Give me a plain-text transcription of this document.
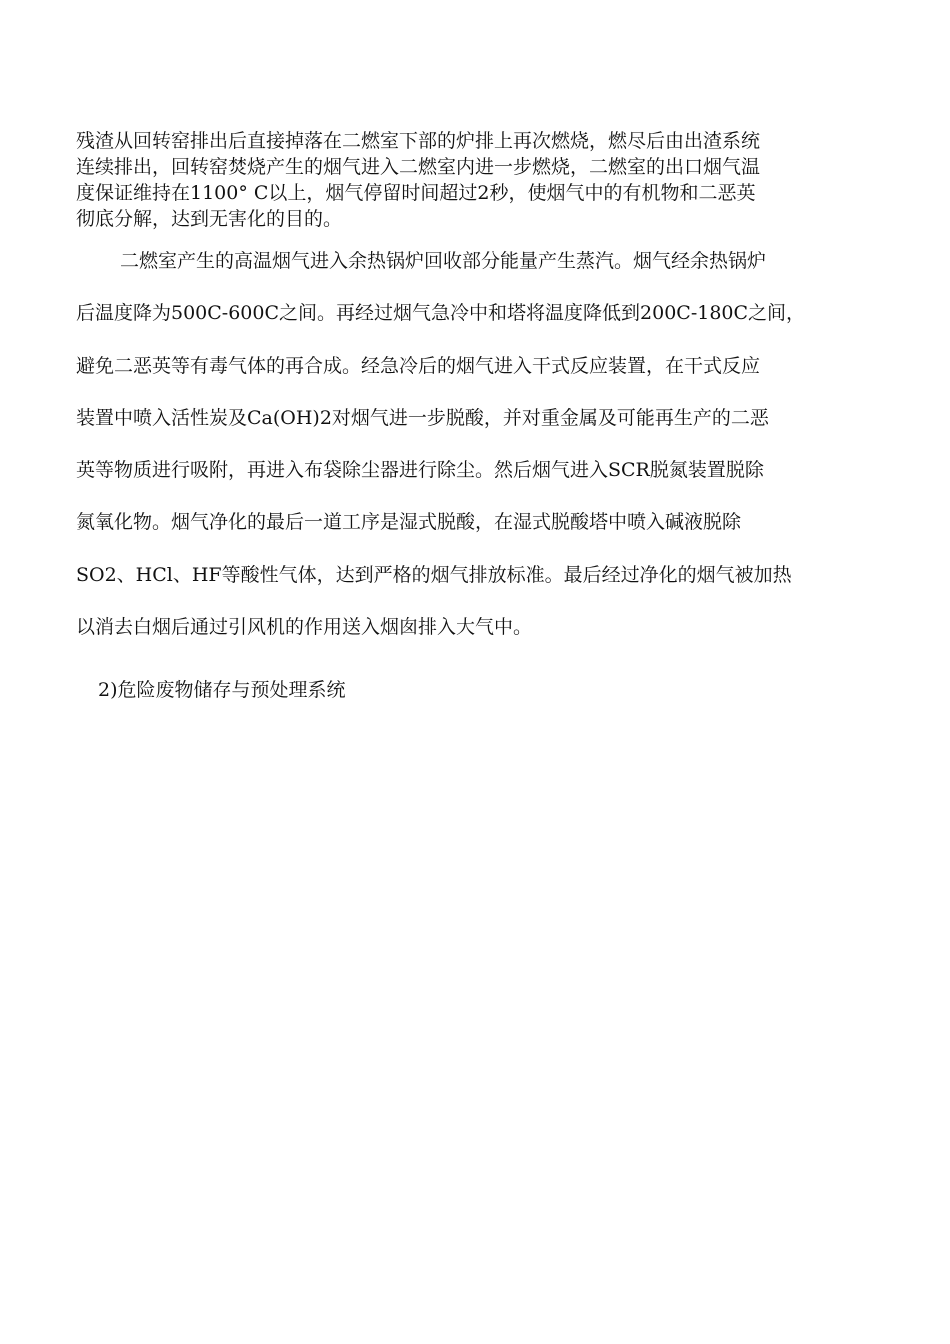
残渣从回转窑排出后直接掉落在二燃室下部的炉排上再次燃烧，燃尽后由出渣系统
连续排出，回转窑焚烧产生的烟气进入二燃室内进一步燃烧，二燃室的出口烟气温
度保证维持在1100° C以上，烟气停留时间超过2秒，使烟气中的有机物和二恶英
彻底分解，达到无害化的目的。
二燃室产生的高温烟气进入余热锅炉回收部分能量产生蒸汽。烟气经余热锅炉
后温度降为500C-600C之间。再经过烟气急冷中和塔将温度降低到200C-180C之间，
避免二恶英等有毒气体的再合成。经急冷后的烟气进入干式反应装置，在干式反应
装置中喷入活性炭及Ca(OH)2对烟气进一步脱酸，并对重金属及可能再生产的二恶
英等物质进行吸附，再进入布袋除尘器进行除尘。然后烟气进入SCR脱氮装置脱除
氮氧化物。烟气净化的最后一道工序是湿式脱酸，在湿式脱酸塔中喷入碱液脱除
SO2、HCl、HF等酸性气体，达到严格的烟气排放标准。最后经过净化的烟气被加热
以消去白烟后通过引风机的作用送入烟囱排入大气中。
2)危险废物储存与预处理系统
